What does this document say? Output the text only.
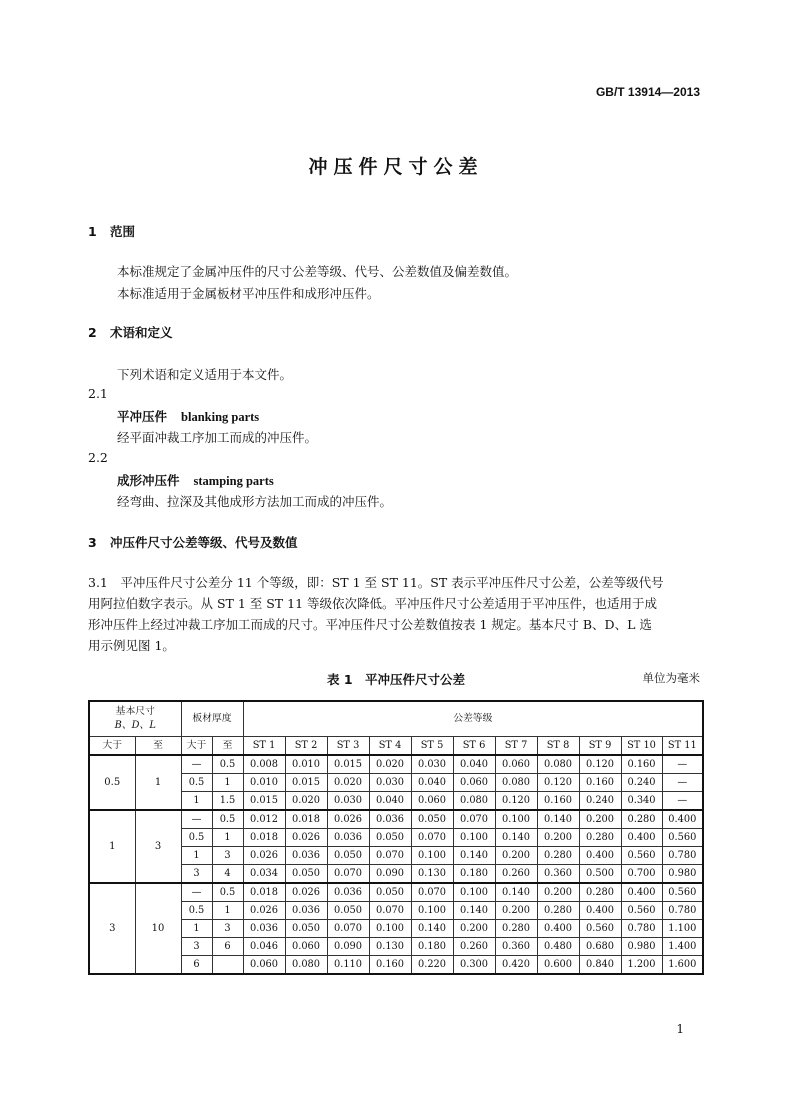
GB/T 13914—2013
冲压件尺寸公差
1 范围
本标准规定了金属冲压件的尺寸公差等级、代号、公差数值及偏差数值。
本标准适用于金属板材平冲压件和成形冲压件。
2 术语和定义
下列术语和定义适用于本文件。
2.1
平冲压件 blanking parts
经平面冲裁工序加工而成的冲压件。
2.2
成形冲压件 stamping parts
经弯曲、拉深及其他成形方法加工而成的冲压件。
3 冲压件尺寸公差等级、代号及数值
3.1　平冲压件尺寸公差分 11 个等级，即：ST 1 至 ST 11。ST 表示平冲压件尺寸公差，公差等级代号
用阿拉伯数字表示。从 ST 1 至 ST 11 等级依次降低。平冲压件尺寸公差适用于平冲压件，也适用于成
形冲压件上经过冲裁工序加工而成的尺寸。平冲压件尺寸公差数值按表 1 规定。基本尺寸 B、D、L 选
用示例见图 1。
表 1　平冲压件尺寸公差	单位为毫米
基本尺寸
B、D、L		板材厚度		公差等级										
大于	至	大于	至	ST 1	ST 2	ST 3	ST 4	ST 5	ST 6	ST 7	ST 8	ST 9	ST 10	ST 11
0.5	1	—	0.5	0.008	0.010	0.015	0.020	0.030	0.040	0.060	0.080	0.120	0.160	—
		0.5	1	0.010	0.015	0.020	0.030	0.040	0.060	0.080	0.120	0.160	0.240	—
		1	1.5	0.015	0.020	0.030	0.040	0.060	0.080	0.120	0.160	0.240	0.340	—
1	3	—	0.5	0.012	0.018	0.026	0.036	0.050	0.070	0.100	0.140	0.200	0.280	0.400
		0.5	1	0.018	0.026	0.036	0.050	0.070	0.100	0.140	0.200	0.280	0.400	0.560
		1	3	0.026	0.036	0.050	0.070	0.100	0.140	0.200	0.280	0.400	0.560	0.780
		3	4	0.034	0.050	0.070	0.090	0.130	0.180	0.260	0.360	0.500	0.700	0.980
3	10	—	0.5	0.018	0.026	0.036	0.050	0.070	0.100	0.140	0.200	0.280	0.400	0.560
		0.5	1	0.026	0.036	0.050	0.070	0.100	0.140	0.200	0.280	0.400	0.560	0.780
		1	3	0.036	0.050	0.070	0.100	0.140	0.200	0.280	0.400	0.560	0.780	1.100
		3	6	0.046	0.060	0.090	0.130	0.180	0.260	0.360	0.480	0.680	0.980	1.400
		6		0.060	0.080	0.110	0.160	0.220	0.300	0.420	0.600	0.840	1.200	1.600
1
